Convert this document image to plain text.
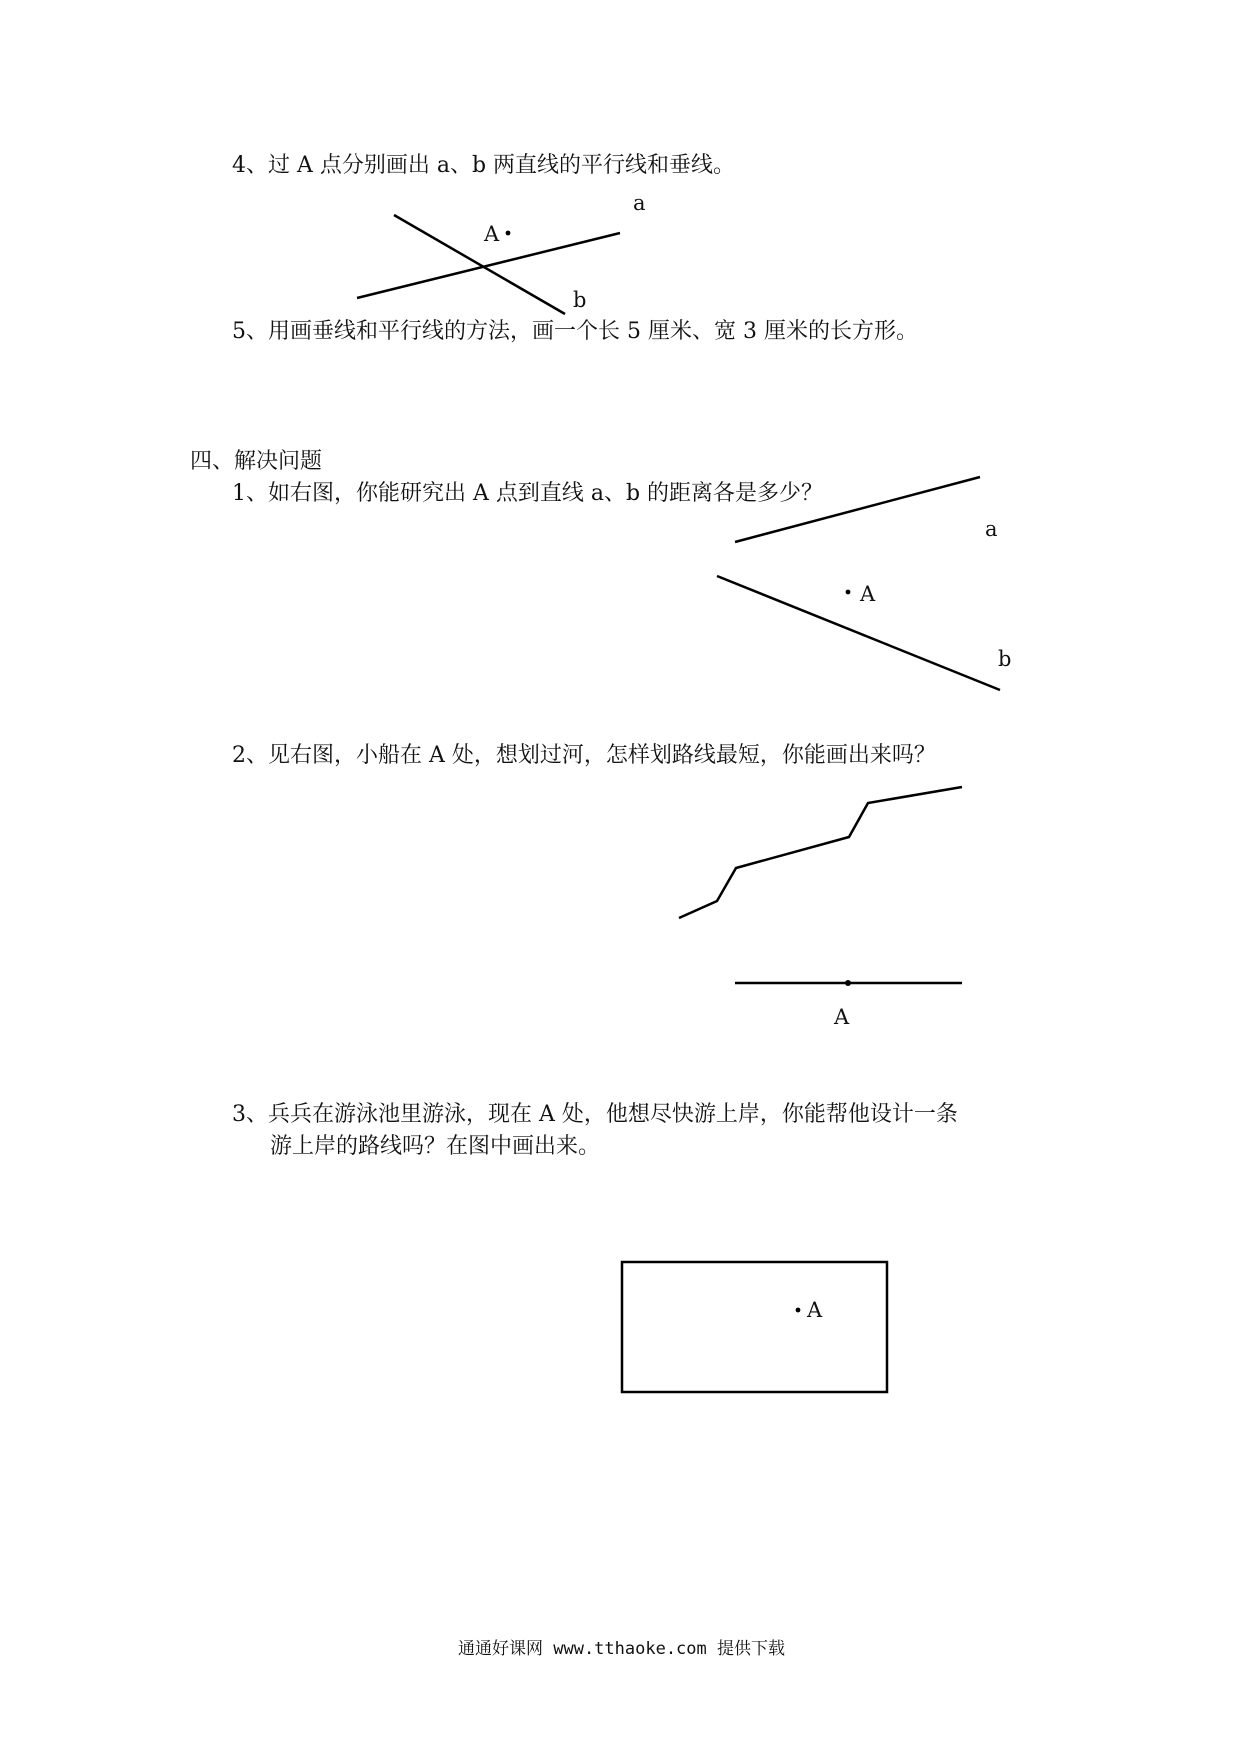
4、过 A 点分别画出 a、b 两直线的平行线和垂线。
a
A
b
5、用画垂线和平行线的方法，画一个长 5 厘米、宽 3 厘米的长方形。
四、解决问题
1、如右图，你能研究出 A 点到直线 a、b 的距离各是多少？
a
A
b
2、见右图，小船在 A 处，想划过河，怎样划路线最短，你能画出来吗？
A
3、兵兵在游泳池里游泳，现在 A 处，他想尽快游上岸，你能帮他设计一条
游上岸的路线吗？在图中画出来。
A
通通好课网 www.tthaoke.com 提供下载
